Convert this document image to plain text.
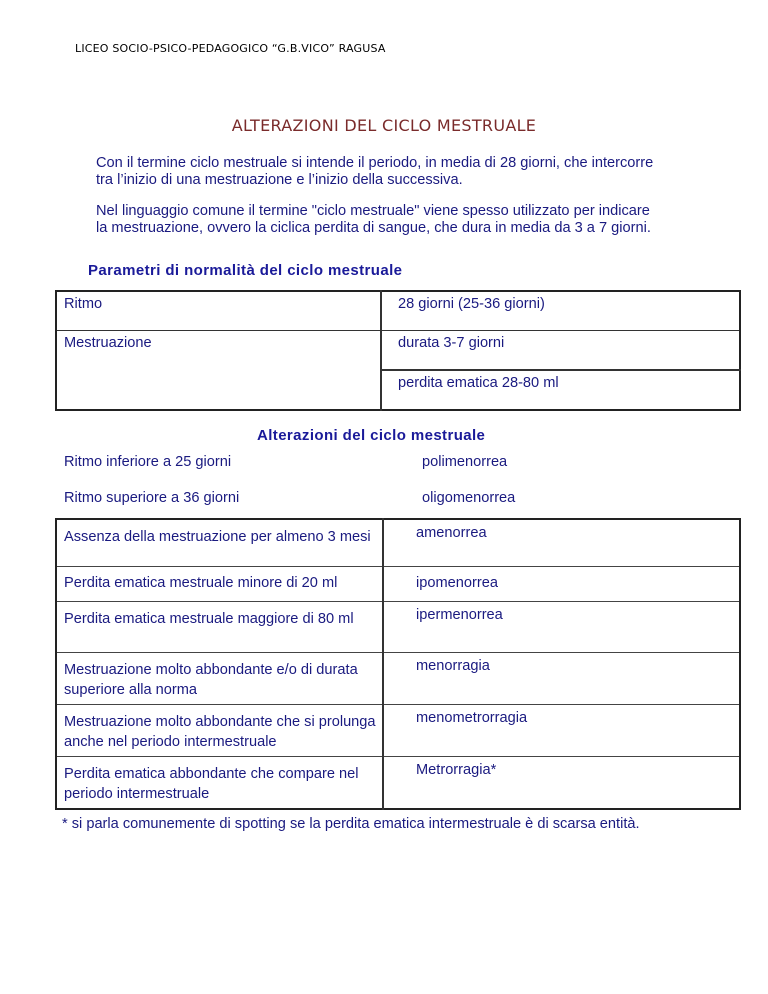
LICEO SOCIO-PSICO-PEDAGOGICO “G.B.VICO” RAGUSA
ALTERAZIONI DEL CICLO MESTRUALE
Con il termine ciclo mestruale si intende il periodo, in media di 28 giorni, che intercorre tra l’inizio di una mestruazione e l’inizio della successiva.
Nel linguaggio comune il termine "ciclo mestruale" viene spesso utilizzato per indicare la mestruazione, ovvero la ciclica perdita di sangue, che dura in media da 3 a 7 giorni.
Parametri di normalità del ciclo mestruale
Ritmo	28 giorni (25-36 giorni)
Mestruazione	durata 3-7 giorni
	perdita ematica 28-80 ml
Alterazioni del ciclo mestruale
Ritmo inferiore a 25 giorni	polimenorrea
Ritmo superiore a 36 giorni	oligomenorrea
Assenza della mestruazione per almeno 3 mesi	amenorrea
Perdita ematica mestruale minore di 20 ml	ipomenorrea
Perdita ematica mestruale maggiore di 80 ml	ipermenorrea
Mestruazione molto abbondante e/o di durata superiore alla norma	menorragia
Mestruazione molto abbondante che si prolunga anche nel periodo intermestruale	menometrorragia
Perdita ematica abbondante che compare nel periodo intermestruale	Metrorragia*
* si parla comunemente di spotting se la perdita ematica intermestruale è di scarsa entità.
